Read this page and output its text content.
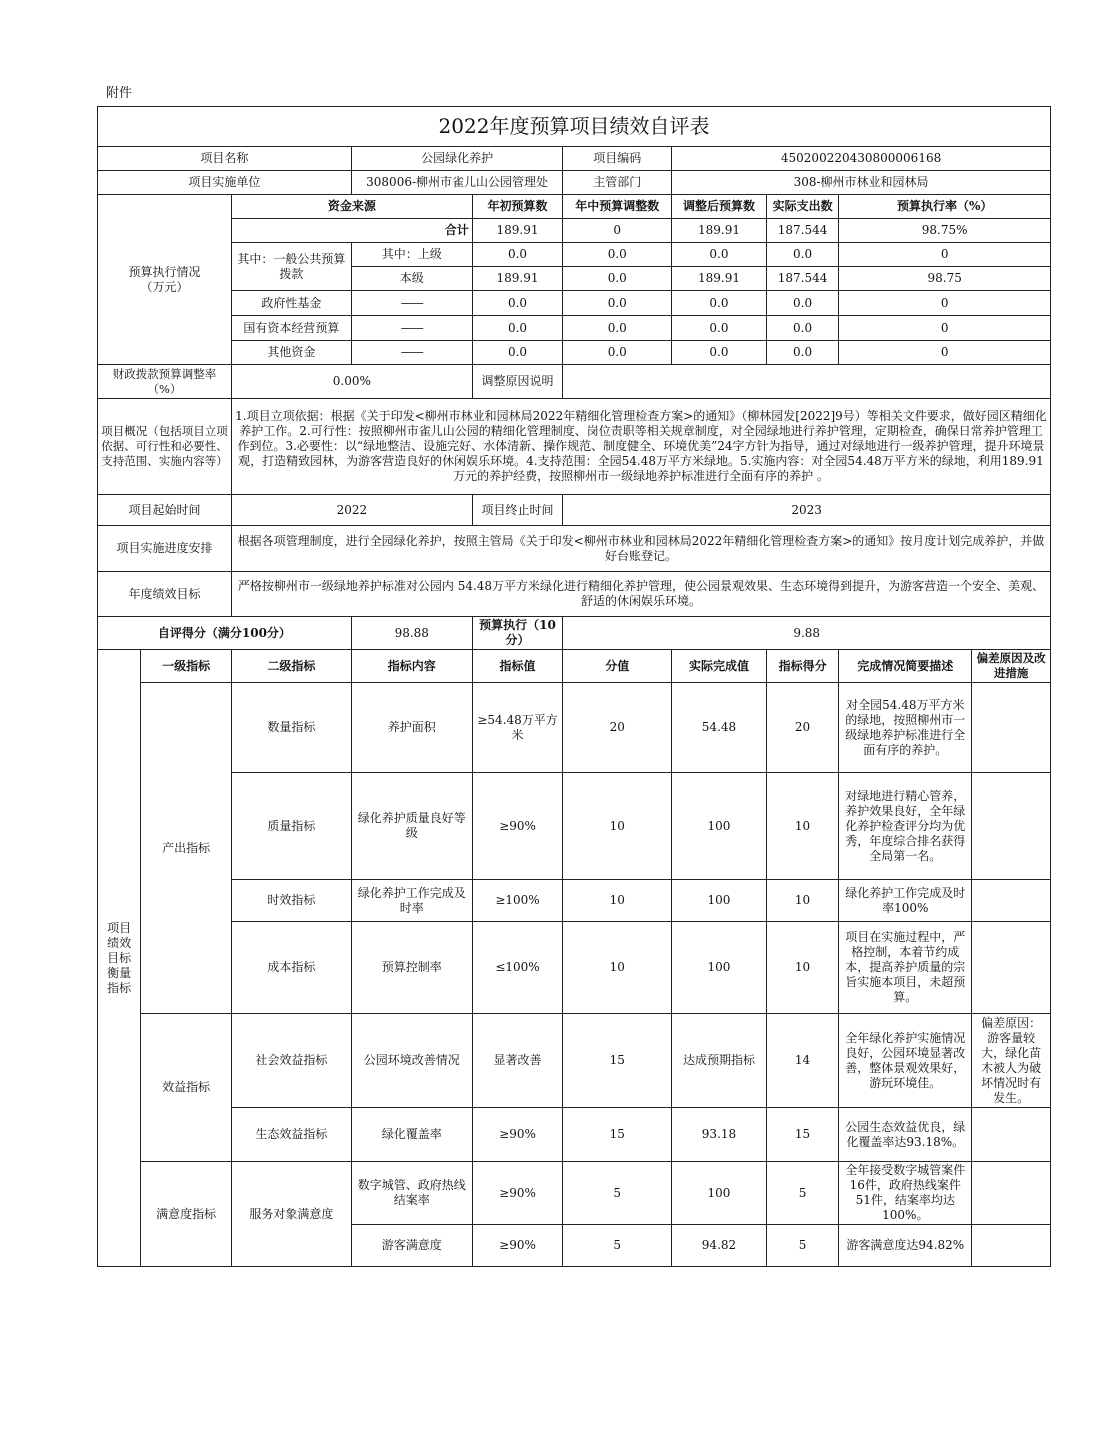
附件
2022年度预算项目绩效自评表									
项目名称			公园绿化养护		项目编码	450200220430800006168			
项目实施单位			308006-柳州市雀儿山公园管理处		主管部门	308-柳州市林业和园林局			
预算执行情况
（万元）		资金来源		年初预算数	年中预算调整数	调整后预算数	实际支出数	预算执行率（%）	
		合计		189.91	0	189.91	187.544	98.75%	
		其中：一般公共预算拨款	其中：上级	0.0	0.0	0.0	0.0	0	
			本级	189.91	0.0	189.91	187.544	98.75	
		政府性基金	——	0.0	0.0	0.0	0.0	0	
		国有资本经营预算	——	0.0	0.0	0.0	0.0	0	
		其他资金	——	0.0	0.0	0.0	0.0	0	
财政拨款预算调整率（%）		0.00%		调整原因说明					
项目概况（包括项目立项依据、可行性和必要性、支持范围、实施内容等）		1.项目立项依据：根据《关于印发<柳州市林业和园林局2022年精细化管理检查方案>的通知》（柳林园发[2022]9号）等相关文件要求，做好园区精细化养护工作。2.可行性：按照柳州市雀儿山公园的精细化管理制度、岗位责职等相关规章制度，对全园绿地进行养护管理，定期检查，确保日常养护管理工作到位。3.必要性：以“绿地整洁、设施完好、水体清新、操作规范、制度健全、环境优美”24字方针为指导，通过对绿地进行一级养护管理，提升环境景观，打造精致园林，为游客营造良好的休闲娱乐环境。4.支持范围：全园54.48万平方米绿地。5.实施内容：对全园54.48万平方米的绿地，利用189.91万元的养护经费，按照柳州市一级绿地养护标准进行全面有序的养护 。							
项目起始时间		2022		项目终止时间	2023				
项目实施进度安排		根据各项管理制度，进行全园绿化养护，按照主管局《关于印发<柳州市林业和园林局2022年精细化管理检查方案>的通知》按月度计划完成养护，并做好台账登记。							
年度绩效目标		严格按柳州市一级绿地养护标准对公园内 54.48万平方米绿化进行精细化养护管理，使公园景观效果、生态环境得到提升，为游客营造一个安全、美观、舒适的休闲娱乐环境。							
自评得分（满分100分）			98.88	预算执行（10分）	9.88				
项目绩效目标衡量指标	一级指标	二级指标	指标内容	指标值	分值	实际完成值	指标得分	完成情况简要描述	偏差原因及改进措施
	产出指标	数量指标	养护面积	≥54.48万平方米	20	54.48	20	对全园54.48万平方米的绿地，按照柳州市一级绿地养护标准进行全面有序的养护。	
		质量指标	绿化养护质量良好等级	≥90%	10	100	10	对绿地进行精心管养，养护效果良好，全年绿化养护检查评分均为优秀，年度综合排名获得全局第一名。	
		时效指标	绿化养护工作完成及时率	≥100%	10	100	10	绿化养护工作完成及时率100%	
		成本指标	预算控制率	≤100%	10	100	10	项目在实施过程中，严格控制，本着节约成本，提高养护质量的宗旨实施本项目，未超预算。	
	效益指标	社会效益指标	公园环境改善情况	显著改善	15	达成预期指标	14	全年绿化养护实施情况良好，公园环境显著改善，整体景观效果好，游玩环境佳。	偏差原因：游客量较大，绿化苗木被人为破坏情况时有发生。
		生态效益指标	绿化覆盖率	≥90%	15	93.18	15	公园生态效益优良，绿化覆盖率达93.18%。	
	满意度指标	服务对象满意度	数字城管、政府热线结案率	≥90%	5	100	5	全年接受数字城管案件16件，政府热线案件51件，结案率均达100%。	
			游客满意度	≥90%	5	94.82	5	游客满意度达94.82%	
